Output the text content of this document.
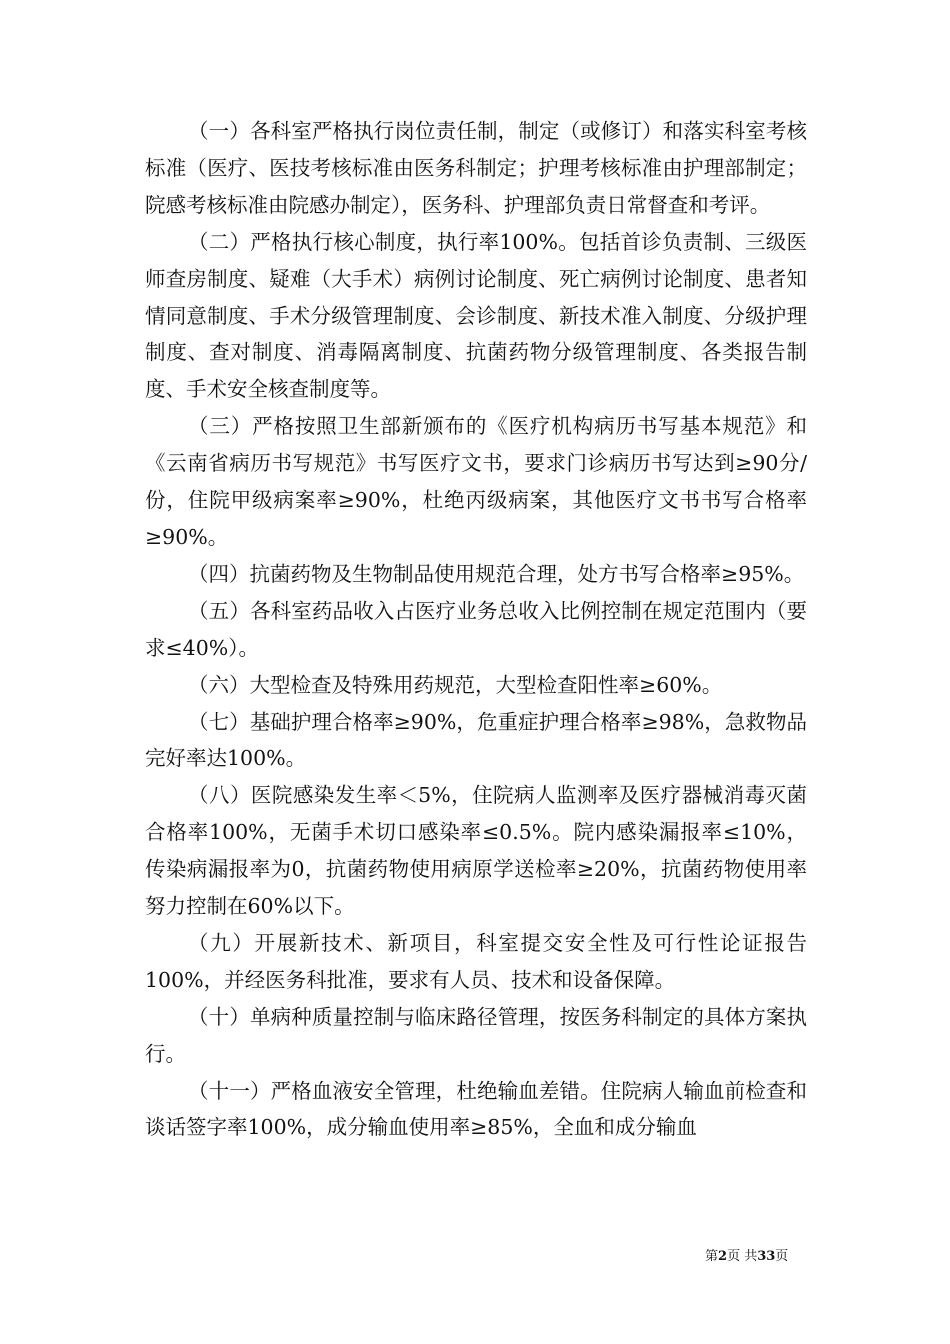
（一）各科室严格执行岗位责任制，制定（或修订）和落实科室考核标准（医疗、医技考核标准由医务科制定；护理考核标准由护理部制定；院感考核标准由院感办制定），医务科、护理部负责日常督查和考评。

（二）严格执行核心制度，执行率100%。包括首诊负责制、三级医师查房制度、疑难（大手术）病例讨论制度、死亡病例讨论制度、患者知情同意制度、手术分级管理制度、会诊制度、新技术准入制度、分级护理制度、查对制度、消毒隔离制度、抗菌药物分级管理制度、各类报告制度、手术安全核查制度等。

（三）严格按照卫生部新颁布的《医疗机构病历书写基本规范》和《云南省病历书写规范》书写医疗文书，要求门诊病历书写达到≥90分/份，住院甲级病案率≥90%，杜绝丙级病案，其他医疗文书书写合格率≥90%。

（四）抗菌药物及生物制品使用规范合理，处方书写合格率≥95%。

（五）各科室药品收入占医疗业务总收入比例控制在规定范围内（要求≤40%）。

（六）大型检查及特殊用药规范，大型检查阳性率≥60%。

（七）基础护理合格率≥90%，危重症护理合格率≥98%，急救物品完好率达100%。

（八）医院感染发生率＜5%，住院病人监测率及医疗器械消毒灭菌合格率100%，无菌手术切口感染率≤0.5%。院内感染漏报率≤10%，传染病漏报率为0，抗菌药物使用病原学送检率≥20%，抗菌药物使用率努力控制在60%以下。

（九）开展新技术、新项目，科室提交安全性及可行性论证报告100%，并经医务科批准，要求有人员、技术和设备保障。

（十）单病种质量控制与临床路径管理，按医务科制定的具体方案执行。

（十一）严格血液安全管理，杜绝输血差错。住院病人输血前检查和谈话签字率100%，成分输血使用率≥85%，全血和成分输血

第2页 共33页
